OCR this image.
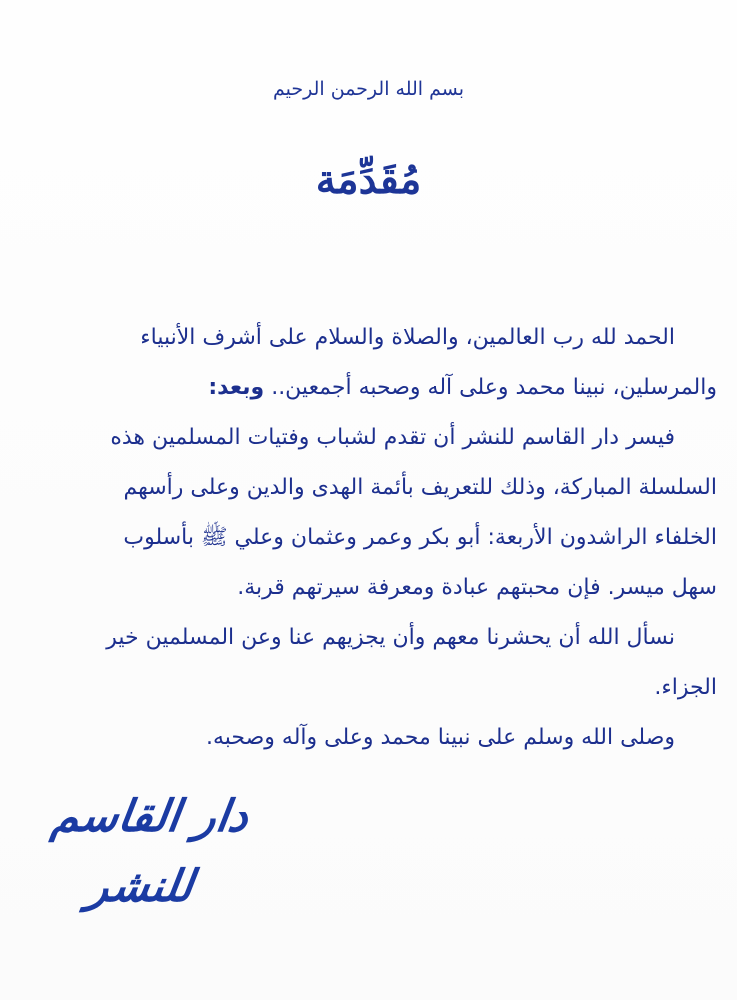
بسم الله الرحمن الرحيم
مُقَدِّمَة
الحمد لله رب العالمين، والصلاة والسلام على أشرف الأنبياء
والمرسلين، نبينا محمد وعلى آله وصحبه أجمعين.. وبعد:
فيسر دار القاسم للنشر أن تقدم لشباب وفتيات المسلمين هذه
السلسلة المباركة، وذلك للتعريف بأئمة الهدى والدين وعلى رأسهم
الخلفاء الراشدون الأربعة: أبو بكر وعمر وعثمان وعلي ﷺ بأسلوب
سهل ميسر. فإن محبتهم عبادة ومعرفة سيرتهم قربة.
نسأل الله أن يحشرنا معهم وأن يجزيهم عنا وعن المسلمين خير
الجزاء.
وصلى الله وسلم على نبينا محمد وعلى وآله وصحبه.
دار القاسم للنشر
